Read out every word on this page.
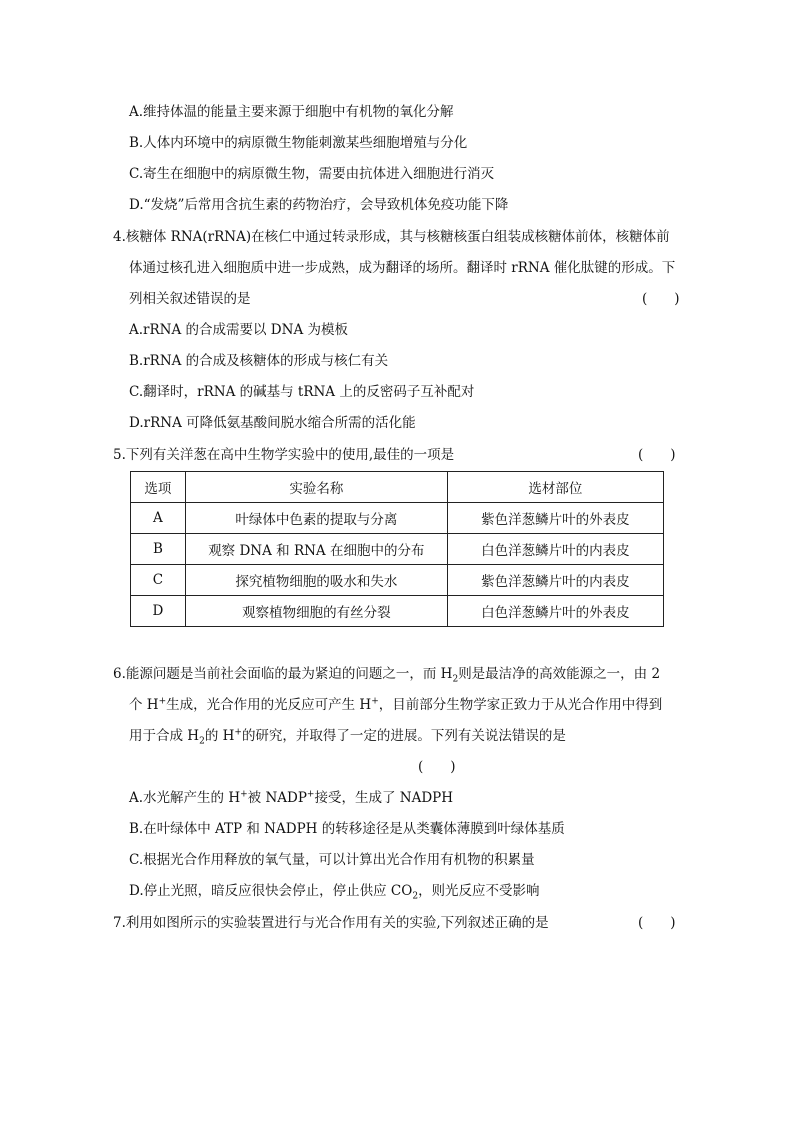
A.维持体温的能量主要来源于细胞中有机物的氧化分解
B.人体内环境中的病原微生物能刺激某些细胞增殖与分化
C.寄生在细胞中的病原微生物，需要由抗体进入细胞进行消灭
D.“发烧”后常用含抗生素的药物治疗，会导致机体免疫功能下降
4.核糖体 RNA(rRNA)在核仁中通过转录形成，其与核糖核蛋白组装成核糖体前体，核糖体前
体通过核孔进入细胞质中进一步成熟，成为翻译的场所。翻译时 rRNA 催化肽键的形成。下
列相关叙述错误的是	(　　)
A.rRNA 的合成需要以 DNA 为模板
B.rRNA 的合成及核糖体的形成与核仁有关
C.翻译时，rRNA 的碱基与 tRNA 上的反密码子互补配对
D.rRNA 可降低氨基酸间脱水缩合所需的活化能
5.下列有关洋葱在高中生物学实验中的使用,最佳的一项是	(　　)
选项	实验名称	选材部位
A	叶绿体中色素的提取与分离	紫色洋葱鳞片叶的外表皮
B	观察 DNA 和 RNA 在细胞中的分布	白色洋葱鳞片叶的内表皮
C	探究植物细胞的吸水和失水	紫色洋葱鳞片叶的内表皮
D	观察植物细胞的有丝分裂	白色洋葱鳞片叶的外表皮
6.能源问题是当前社会面临的最为紧迫的问题之一，而 $H_2$则是最洁净的高效能源之一，由 2
个 H+生成，光合作用的光反应可产生 H+，目前部分生物学家正致力于从光合作用中得到
用于合成 $H_2$的 H+的研究，并取得了一定的进展。下列有关说法错误的是
(　　)
A.水光解产生的 H+被 NADP+接受，生成了 NADPH
B.在叶绿体中 ATP 和 NADPH 的转移途径是从类囊体薄膜到叶绿体基质
C.根据光合作用释放的氧气量，可以计算出光合作用有机物的积累量
D.停止光照，暗反应很快会停止，停止供应 $CO_2$，则光反应不受影响
7.利用如图所示的实验装置进行与光合作用有关的实验,下列叙述正确的是	(　　)
